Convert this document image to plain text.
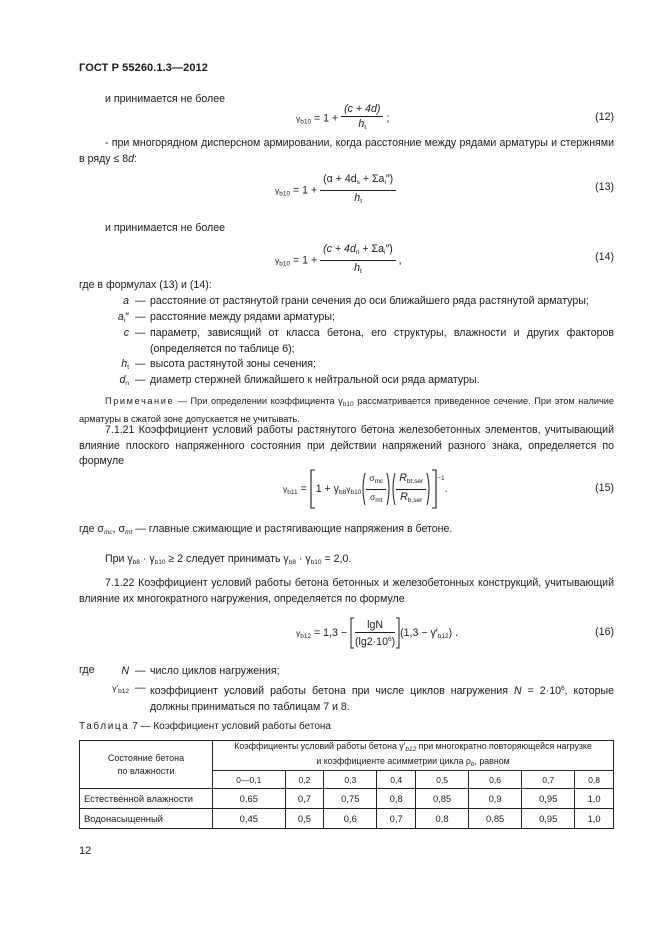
ГОСТ Р 55260.1.3—2012
и принимается не более
$\gamma_{b10} = 1 + \frac{(c + 4d)}{h_t}$ ;	(12)
- при многорядном дисперсном армировании, когда расстояние между рядами арматуры и стержнями в ряду ≤ 8d:
$\gamma_{b10} = 1 + \frac{(\alpha + 4d_s + \Sigma a_i'')}{h_t}$	(13)
и принимается не более
$\gamma_{b10} = 1 + \frac{(c + 4d_n + \Sigma a_i'')}{h_t}$ ,	(14)
где в формулах (13) и (14):
a — расстояние от растянутой грани сечения до оси ближайшего ряда растянутой арматуры;
$a_i''$ — расстояние между рядами арматуры;
c — параметр, зависящий от класса бетона, его структуры, влажности и других факторов (определяется по таблице 6);
$h_t$ — высота растянутой зоны сечения;
$d_n$ — диаметр стержней ближайшего к нейтральной оси ряда арматуры.
Примечание — При определении коэффициента $\gamma_{b10}$ рассматривается приведенное сечение. При этом наличие арматуры в сжатой зоне допускается не учитывать.
7.1.21 Коэффициент условий работы растянутого бетона железобетонных элементов, учитывающий влияние плоского напряженного состояния при действии напряжений разного знака, определяется по формуле
$\gamma_{b11} = 1 + \gamma_{b8}\gamma_{b10} \frac{\sigma_{mc}}{\sigma_{mt}} \frac{R_{bt,ser}}{R_{b,ser}} ^{-1}$.	(15)
где $\sigma_{mc}$, $\sigma_{mt}$ — главные сжимающие и растягивающие напряжения в бетоне.
При $\gamma_{b8} \cdot \gamma_{b10} \ge 2$ следует принимать $\gamma_{b8} \cdot \gamma_{b10} = 2,0$.
7.1.22 Коэффициент условий работы бетона бетонных и железобетонных конструкций, учитывающий влияние их многократного нагружения, определяется по формуле
$\gamma_{b12} = 1,3 - \frac{\lg N}{(\lg 2\cdot 10^6)} (1,3 - \gamma'_{b12})$ .	(16)
где	N — число циклов нагружения;
$\gamma'_{b12}$ — коэффициент условий работы бетона при числе циклов нагружения $N = 2\cdot 10^6$, которые должны приниматься по таблицам 7 и 8.
Таблица 7 — Коэффициент условий работы бетона
Состояние бетона
по влажности	Коэффициенты условий работы бетона $\gamma'_{b12}$ при многократно повторяющейся нагрузке
и коэффициенте асимметрии цикла $\rho_b$, равном							
	0—0,1	0,2	0,3	0,4	0,5	0,6	0,7	0,8
Естественной влажности	0,65	0,7	0,75	0,8	0,85	0,9	0,95	1,0
Водонасыщенный	0,45	0,5	0,6	0,7	0,8	0,85	0,95	1,0
12
